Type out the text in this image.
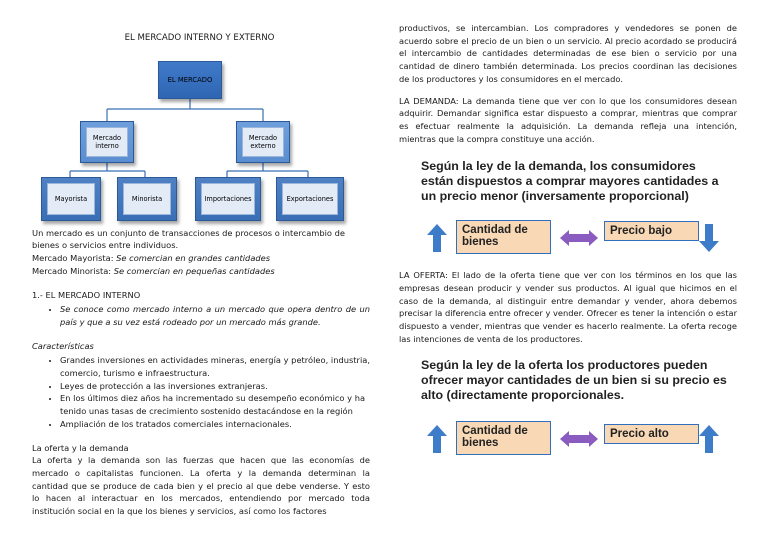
EL MERCADO INTERNO Y EXTERNO
EL MERCADO
Mercado interno
Mercado externo
Mayorista	Minorista	Importaciones	Exportaciones

Un mercado es un conjunto de transacciones de procesos o intercambio de bienes o servicios entre individuos.

Mercado Mayorista: Se comercian en grandes cantidades

Mercado Minorista: Se comercian en pequeñas cantidades

1.- EL MERCADO INTERNO

• Se conoce como mercado interno a un mercado que opera dentro de un país y que a su vez está rodeado por un mercado más grande.

Características

• Grandes inversiones en actividades mineras, energía y petróleo, industria, comercio, turismo e infraestructura.
• Leyes de protección a las inversiones extranjeras.
• En los últimos diez años ha incrementado su desempeño económico y ha tenido unas tasas de crecimiento sostenido destacándose en la región
• Ampliación de los tratados comerciales internacionales.

La oferta y la demanda

La oferta y la demanda son las fuerzas que hacen que las economías de mercado o capitalistas funcionen. La oferta y la demanda determinan la cantidad que se produce de cada bien y el precio al que debe venderse. Y esto lo hacen al interactuar en los mercados, entendiendo por mercado toda institución social en la que los bienes y servicios, así como los factores

productivos, se intercambian. Los compradores y vendedores se ponen de acuerdo sobre el precio de un bien o un servicio. Al precio acordado se producirá el intercambio de cantidades determinadas de ese bien o servicio por una cantidad de dinero también determinada. Los precios coordinan las decisiones de los productores y los consumidores en el mercado.

LA DEMANDA: La demanda tiene que ver con lo que los consumidores desean adquirir. Demandar significa estar dispuesto a comprar, mientras que comprar es efectuar realmente la adquisición. La demanda refleja una intención, mientras que la compra constituye una acción.

Según la ley de la demanda, los consumidores están dispuestos a comprar mayores cantidades a un precio menor (inversamente proporcional)
Cantidad de bienes
Precio bajo

LA OFERTA: El lado de la oferta tiene que ver con los términos en los que las empresas desean producir y vender sus productos. Al igual que hicimos en el caso de la demanda, al distinguir entre demandar y vender, ahora debemos precisar la diferencia entre ofrecer y vender. Ofrecer es tener la intención o estar dispuesto a vender, mientras que vender es hacerlo realmente. La oferta recoge las intenciones de venta de los productores.

Según la ley de la oferta los productores pueden ofrecer mayor cantidades de un bien si su precio es alto (directamente proporcionales.
Cantidad de bienes
Precio alto
